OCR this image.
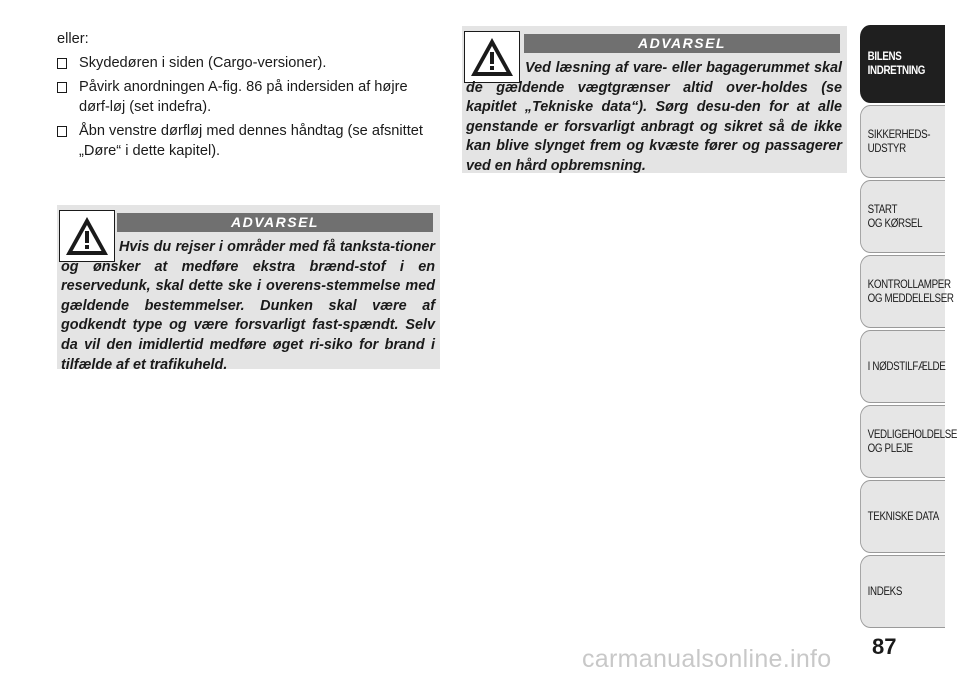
eller:

Skydedøren i siden (Cargo-versioner).
Påvirk anordningen A-fig. 86 på indersiden af højre dørf-løj (set indefra).
Åbn venstre dørfløj med dennes håndtag (se afsnittet „Døre“ i dette kapitel).
ADVARSEL
Hvis du rejser i områder med få tanksta-tioner og ønsker at medføre ekstra brænd-stof i en reservedunk, skal dette ske i overens-stemmelse med gældende bestemmelser. Dunken skal være af godkendt type og være forsvarligt fast-spændt. Selv da vil den imidlertid medføre øget ri-siko for brand i tilfælde af et trafikuheld.
ADVARSEL
Ved læsning af vare- eller bagagerummet skal de gældende vægtgrænser altid over-holdes (se kapitlet „Tekniske data“). Sørg desu-den for at alle genstande er forsvarligt anbragt og sikret så de ikke kan blive slynget frem og kvæste fører og passagerer ved en hård opbremsning.
BILENS
INDRETNING
SIKKERHEDS-
UDSTYR
START
OG KØRSEL
KONTROLLAMPER
OG MEDDELELSER
I NØDSTILFÆLDE
VEDLIGEHOLDELSE
OG PLEJE
TEKNISKE DATA
INDEKS
87
carmanualsonline.info
